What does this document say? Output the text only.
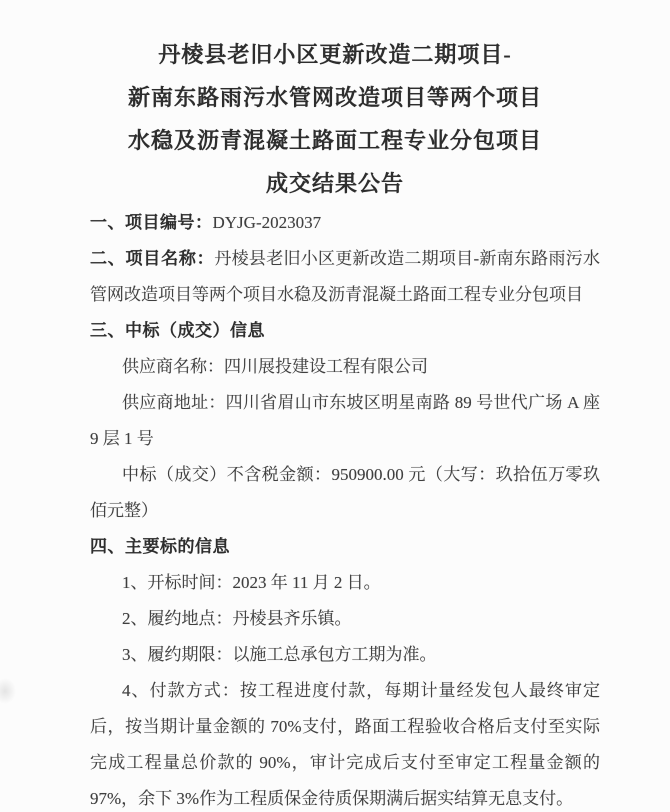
丹棱县老旧小区更新改造二期项目-
新南东路雨污水管网改造项目等两个项目
水稳及沥青混凝土路面工程专业分包项目
成交结果公告

一、项目编号：DYJG-2023037

二、项目名称：丹棱县老旧小区更新改造二期项目-新南东路雨污水管网改造项目等两个项目水稳及沥青混凝土路面工程专业分包项目

三、中标（成交）信息

供应商名称：四川展投建设工程有限公司

供应商地址：四川省眉山市东坡区明星南路 89 号世代广场 A 座 9 层 1 号

中标（成交）不含税金额：950900.00 元（大写：玖拾伍万零玖佰元整）

四、主要标的信息

1、开标时间：2023 年 11 月 2 日。

2、履约地点：丹棱县齐乐镇。

3、履约期限：以施工总承包方工期为准。

4、付款方式：按工程进度付款，每期计量经发包人最终审定后，按当期计量金额的 70%支付，路面工程验收合格后支付至实际完成工程量总价款的 90%，审计完成后支付至审定工程量金额的 97%，余下 3%作为工程质保金待质保期满后据实结算无息支付。
